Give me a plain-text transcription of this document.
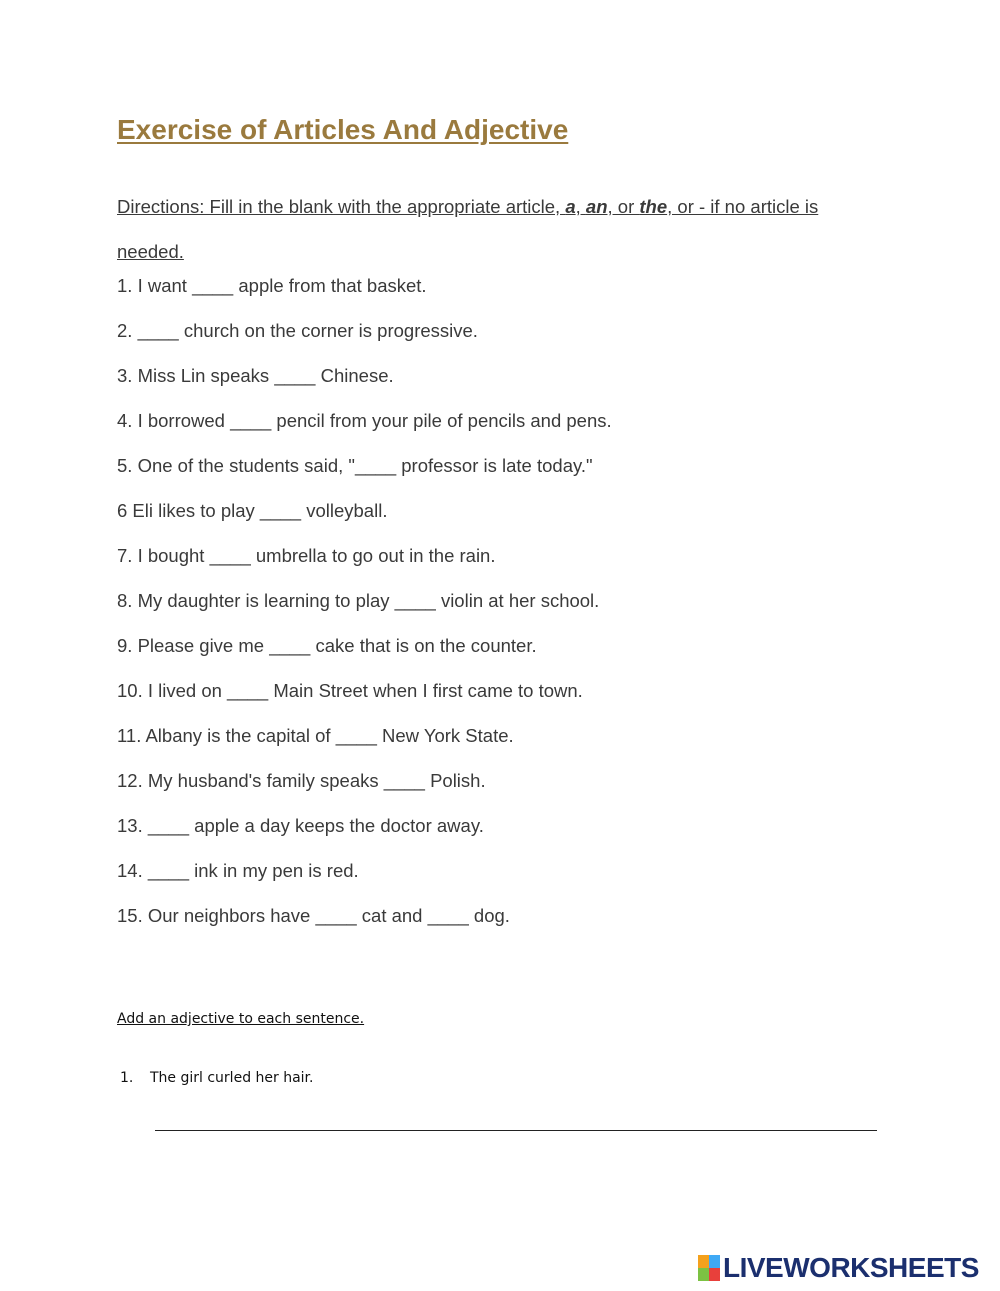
Exercise of Articles And Adjective

Directions: Fill in the blank with the appropriate article, a, an, or the, or - if no article is needed.

1. I want ____ apple from that basket.

2. ____ church on the corner is progressive.

3. Miss Lin speaks ____ Chinese.

4. I borrowed ____ pencil from your pile of pencils and pens.

5. One of the students said, "____ professor is late today."

6 Eli likes to play ____ volleyball.

7. I bought ____ umbrella to go out in the rain.

8. My daughter is learning to play ____ violin at her school.

9. Please give me ____ cake that is on the counter.

10. I lived on ____ Main Street when I first came to town.

11. Albany is the capital of ____ New York State.

12. My husband's family speaks ____ Polish.

13. ____ apple a day keeps the doctor away.

14. ____ ink in my pen is red.

15. Our neighbors have ____ cat and ____ dog.

Add an adjective to each sentence.

1. The girl curled her hair.

LIVEWORKSHEETS
